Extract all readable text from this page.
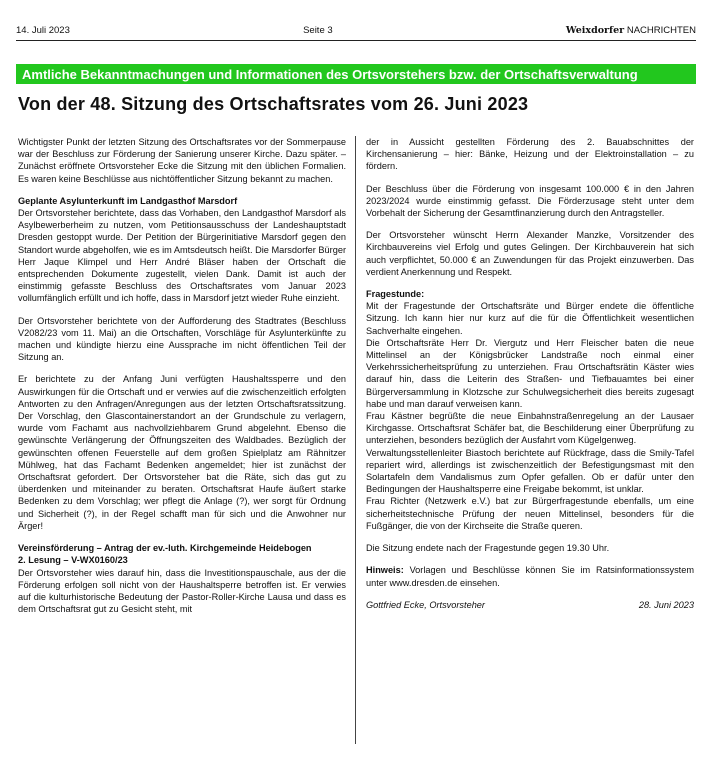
14. Juli 2023	Seite 3	Weixdorfer NACHRICHTEN
Amtliche Bekanntmachungen und Informationen des Ortsvorstehers bzw. der Ortschaftsverwaltung
Von der 48. Sitzung des Ortschaftsrates vom 26. Juni 2023

Wichtigster Punkt der letzten Sitzung des Ortschaftsrates vor der Sommerpause war der Beschluss zur Förderung der Sanierung unserer Kirche. Dazu später. – Zunächst eröffnete Ortsvorsteher Ecke die Sitzung mit den üblichen Formalien. Es waren keine Beschlüsse aus nichtöffentlicher Sitzung bekannt zu machen.

Geplante Asylunterkunft im Landgasthof Marsdorf

Der Ortsvorsteher berichtete, dass das Vorhaben, den Landgasthof Marsdorf als Asylbewerberheim zu nutzen, vom Petitionsausschuss der Landeshauptstadt Dresden gestoppt wurde. Der Petition der Bürgerinitiative Marsdorf gegen den Standort wurde abgeholfen, wie es im Amtsdeutsch heißt. Die Marsdorfer Bürger Herr Jaque Klimpel und Herr André Bläser haben der Ortschaft die entsprechenden Dokumente zugestellt, vielen Dank. Damit ist auch der einstimmig gefasste Beschluss des Ortschaftsrates vom Januar 2023 vollumfänglich erfüllt und ich hoffe, dass in Marsdorf jetzt wieder Ruhe einzieht.

Der Ortsvorsteher berichtete von der Aufforderung des Stadtrates (Beschluss V2082/23 vom 11. Mai) an die Ortschaften, Vorschläge für Asylunterkünfte zu machen und kündigte hierzu eine Aussprache im nicht öffentlichen Teil der Sitzung an.

Er berichtete zu der Anfang Juni verfügten Haushaltssperre und den Auswirkungen für die Ortschaft und er verwies auf die zwischenzeitlich erfolgten Antworten zu den Anfragen/Anregungen aus der letzten Ortschaftsratssitzung. Der Vorschlag, den Glascontainerstandort an der Grundschule zu verlagern, wurde vom Fachamt aus nachvollziehbarem Grund abgelehnt. Ebenso die gewünschte Verlängerung der Öffnungszeiten des Waldbades. Bezüglich der gewünschten offenen Feuerstelle auf dem großen Spielplatz am Rähnitzer Mühlweg, hat das Fachamt Bedenken angemeldet; hier ist zunächst der Ortschaftsrat gefordert. Der Ortsvorsteher bat die Räte, sich das gut zu überdenken und miteinander zu beraten. Ortschaftsrat Haufe äußert starke Bedenken zu dem Vorschlag; wer pflegt die Anlage (?), wer sorgt für Ordnung und Sicherheit (?), in der Regel schafft man für sich und die Anwohner nur Ärger!

Vereinsförderung – Antrag der ev.-luth. Kirchgemeinde Heidebogen
2. Lesung – V-WX0160/23

Der Ortsvorsteher wies darauf hin, dass die Investitionspauschale, aus der die Förderung erfolgen soll nicht von der Haushaltsperre betroffen ist. Er verwies auf die kulturhistorische Bedeutung der Pastor-Roller-Kirche Lausa und dass es dem Ortschaftsrat gut zu Gesicht steht, mit

der in Aussicht gestellten Förderung des 2. Bauabschnittes der Kirchensanierung – hier: Bänke, Heizung und der Elektroinstallation – zu fördern.

Der Beschluss über die Förderung von insgesamt 100.000 € in den Jahren 2023/2024 wurde einstimmig gefasst. Die Förderzusage steht unter dem Vorbehalt der Sicherung der Gesamtfinanzierung durch den Antragsteller.

Der Ortsvorsteher wünscht Herrn Alexander Manzke, Vorsitzender des Kirchbauvereins viel Erfolg und gutes Gelingen. Der Kirchbauverein hat sich auch verpflichtet, 50.000 € an Zuwendungen für das Projekt einzuwerben. Das verdient Anerkennung und Respekt.

Fragestunde:

Mit der Fragestunde der Ortschaftsräte und Bürger endete die öffentliche Sitzung. Ich kann hier nur kurz auf die für die Öffentlichkeit wesentlichen Sachverhalte eingehen.

Die Ortschaftsräte Herr Dr. Viergutz und Herr Fleischer baten die neue Mittelinsel an der Königsbrücker Landstraße noch einmal einer Verkehrssicherheitsprüfung zu unterziehen. Frau Ortschaftsrätin Käster wies darauf hin, dass die Leiterin des Straßen- und Tiefbauamtes bei einer Bürgerversammlung in Klotzsche zur Schulwegsicherheit dies bereits zugesagt habe und man darauf verweisen kann.

Frau Kästner begrüßte die neue Einbahnstraßenregelung an der Lausaer Kirchgasse. Ortschaftsrat Schäfer bat, die Beschilderung einer Überprüfung zu unterziehen, besonders bezüglich der Ausfahrt vom Kügelgenweg.

Verwaltungsstellenleiter Biastoch berichtete auf Rückfrage, dass die Smily-Tafel repariert wird, allerdings ist zwischenzeitlich der Befestigungsmast mit den Solartafeln dem Vandalismus zum Opfer gefallen. Ob er dafür unter den Bedingungen der Haushaltsperre eine Freigabe bekommt, ist unklar.

Frau Richter (Netzwerk e.V.) bat zur Bürgerfragestunde ebenfalls, um eine sicherheitstechnische Prüfung der neuen Mittelinsel, besonders für die Fußgänger, die von der Kirchseite die Straße queren.

Die Sitzung endete nach der Fragestunde gegen 19.30 Uhr.

Hinweis: Vorlagen und Beschlüsse können Sie im Ratsinformationssystem unter www.dresden.de einsehen.

Gottfried Ecke, Ortsvorsteher	28. Juni 2023
